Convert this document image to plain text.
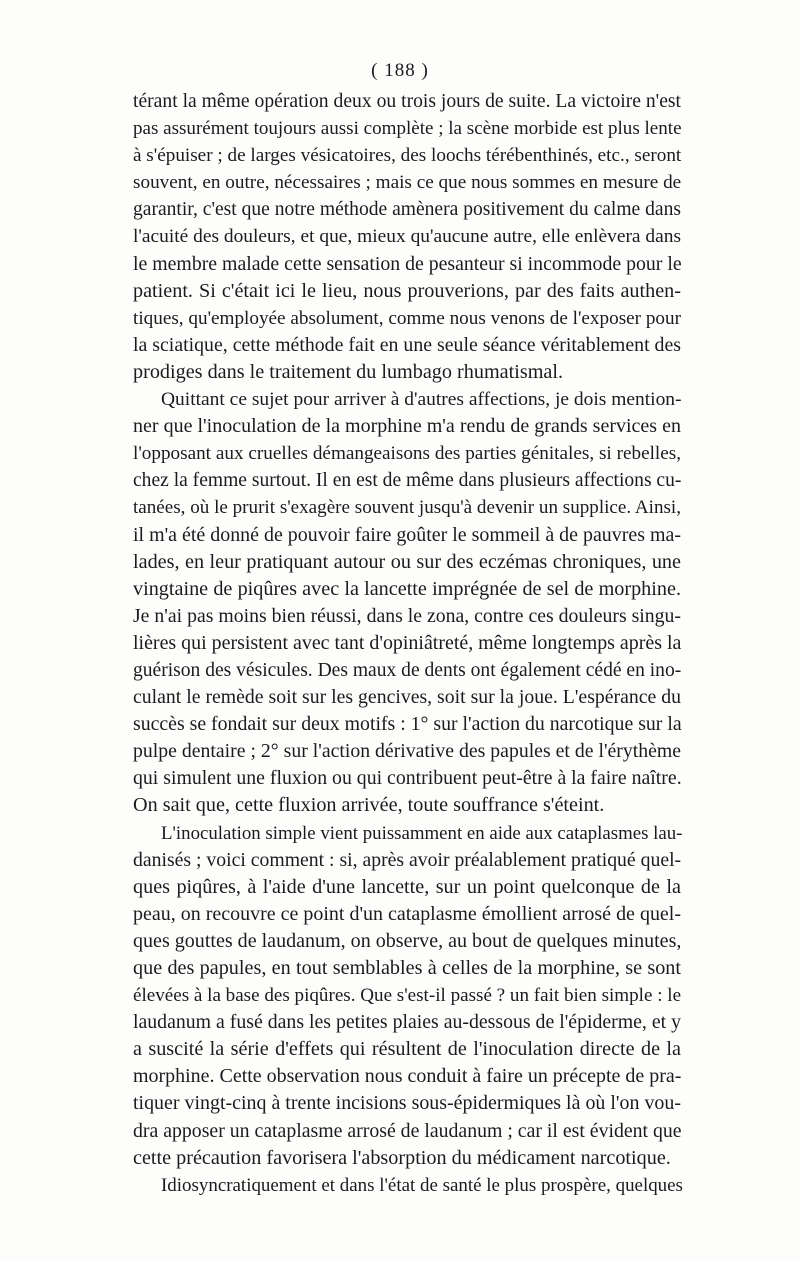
( 188 )
térant la même opération deux ou trois jours de suite. La victoire n'est
pas assurément toujours aussi complète ; la scène morbide est plus lente
à s'épuiser ; de larges vésicatoires, des loochs térébenthinés, etc., seront
souvent, en outre, nécessaires ; mais ce que nous sommes en mesure de
garantir, c'est que notre méthode amènera positivement du calme dans
l'acuité des douleurs, et que, mieux qu'aucune autre, elle enlèvera dans
le membre malade cette sensation de pesanteur si incommode pour le
patient. Si c'était ici le lieu, nous prouverions, par des faits authen-
tiques, qu'employée absolument, comme nous venons de l'exposer pour
la sciatique, cette méthode fait en une seule séance véritablement des
prodiges dans le traitement du lumbago rhumatismal.
Quittant ce sujet pour arriver à d'autres affections, je dois mention-
ner que l'inoculation de la morphine m'a rendu de grands services en
l'opposant aux cruelles démangeaisons des parties génitales, si rebelles,
chez la femme surtout. Il en est de même dans plusieurs affections cu-
tanées, où le prurit s'exagère souvent jusqu'à devenir un supplice. Ainsi,
il m'a été donné de pouvoir faire goûter le sommeil à de pauvres ma-
lades, en leur pratiquant autour ou sur des eczémas chroniques, une
vingtaine de piqûres avec la lancette imprégnée de sel de morphine.
Je n'ai pas moins bien réussi, dans le zona, contre ces douleurs singu-
lières qui persistent avec tant d'opiniâtreté, même longtemps après la
guérison des vésicules. Des maux de dents ont également cédé en ino-
culant le remède soit sur les gencives, soit sur la joue. L'espérance du
succès se fondait sur deux motifs : 1° sur l'action du narcotique sur la
pulpe dentaire ; 2° sur l'action dérivative des papules et de l'érythème
qui simulent une fluxion ou qui contribuent peut-être à la faire naître.
On sait que, cette fluxion arrivée, toute souffrance s'éteint.
L'inoculation simple vient puissamment en aide aux cataplasmes lau-
danisés ; voici comment : si, après avoir préalablement pratiqué quel-
ques piqûres, à l'aide d'une lancette, sur un point quelconque de la
peau, on recouvre ce point d'un cataplasme émollient arrosé de quel-
ques gouttes de laudanum, on observe, au bout de quelques minutes,
que des papules, en tout semblables à celles de la morphine, se sont
élevées à la base des piqûres. Que s'est-il passé ? un fait bien simple : le
laudanum a fusé dans les petites plaies au-dessous de l'épiderme, et y
a suscité la série d'effets qui résultent de l'inoculation directe de la
morphine. Cette observation nous conduit à faire un précepte de pra-
tiquer vingt-cinq à trente incisions sous-épidermiques là où l'on vou-
dra apposer un cataplasme arrosé de laudanum ; car il est évident que
cette précaution favorisera l'absorption du médicament narcotique.
Idiosyncratiquement et dans l'état de santé le plus prospère, quelques
